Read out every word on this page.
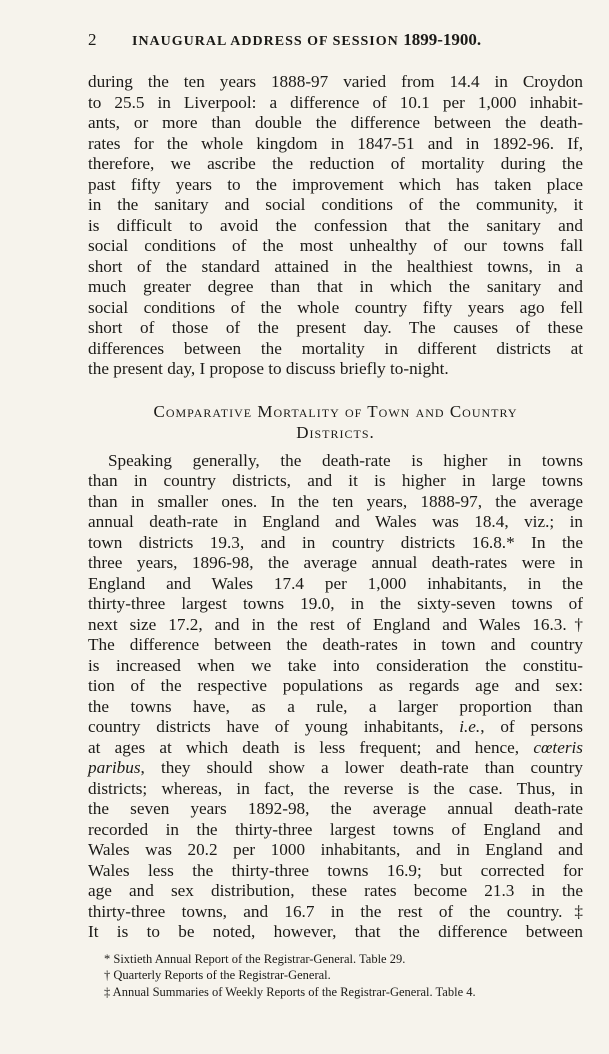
2	INAUGURAL ADDRESS OF SESSION 1899-1900.

during the ten years 1888-97 varied from 14.4 in Croydon
to 25.5 in Liverpool: a difference of 10.1 per 1,000 inhabit-
ants, or more than double the difference between the death-
rates for the whole kingdom in 1847-51 and in 1892-96. If,
therefore, we ascribe the reduction of mortality during the
past fifty years to the improvement which has taken place
in the sanitary and social conditions of the community, it
is difficult to avoid the confession that the sanitary and
social conditions of the most unhealthy of our towns fall
short of the standard attained in the healthiest towns, in a
much greater degree than that in which the sanitary and
social conditions of the whole country fifty years ago fell
short of those of the present day. The causes of these
differences between the mortality in different districts at
the present day, I propose to discuss briefly to-night.

Comparative Mortality of Town and Country
Districts.

Speaking generally, the death-rate is higher in towns
than in country districts, and it is higher in large towns
than in smaller ones. In the ten years, 1888-97, the average
annual death-rate in England and Wales was 18.4, viz.; in
town districts 19.3, and in country districts 16.8.* In the
three years, 1896-98, the average annual death-rates were in
England and Wales 17.4 per 1,000 inhabitants, in the
thirty-three largest towns 19.0, in the sixty-seven towns of
next size 17.2, and in the rest of England and Wales 16.3.†
The difference between the death-rates in town and country
is increased when we take into consideration the constitu-
tion of the respective populations as regards age and sex:
the towns have, as a rule, a larger proportion than
country districts have of young inhabitants, i.e., of persons
at ages at which death is less frequent; and hence, cœteris
paribus, they should show a lower death-rate than country
districts; whereas, in fact, the reverse is the case. Thus, in
the seven years 1892-98, the average annual death-rate
recorded in the thirty-three largest towns of England and
Wales was 20.2 per 1000 inhabitants, and in England and
Wales less the thirty-three towns 16.9; but corrected for
age and sex distribution, these rates become 21.3 in the
thirty-three towns, and 16.7 in the rest of the country.‡
It is to be noted, however, that the difference between

* Sixtieth Annual Report of the Registrar-General. Table 29.
† Quarterly Reports of the Registrar-General.
‡ Annual Summaries of Weekly Reports of the Registrar-General. Table 4.
